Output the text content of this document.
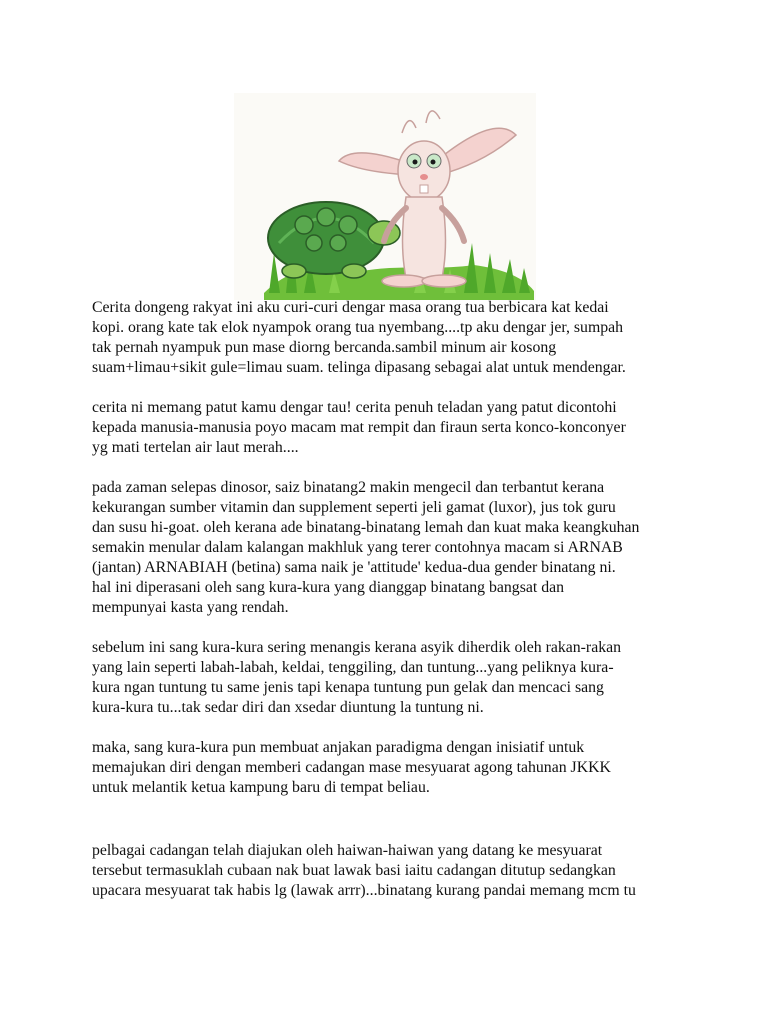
Cerita dongeng rakyat ini aku curi-curi dengar masa orang tua berbicara kat kedai

kopi. orang kate tak elok nyampok orang tua nyembang....tp aku dengar jer, sumpah

tak pernah nyampuk pun mase diorng bercanda.sambil minum air kosong

suam+limau+sikit gule=limau suam. telinga dipasang sebagai alat untuk mendengar.

cerita ni memang patut kamu dengar tau! cerita penuh teladan yang patut dicontohi

kepada manusia-manusia poyo macam mat rempit dan firaun serta konco-konconyer

yg mati tertelan air laut merah....

pada zaman selepas dinosor, saiz binatang2 makin mengecil dan terbantut kerana

kekurangan sumber vitamin dan supplement seperti jeli gamat (luxor), jus tok guru

dan susu hi-goat. oleh kerana ade binatang-binatang lemah dan kuat maka keangkuhan

semakin menular dalam kalangan makhluk yang terer contohnya macam si ARNAB

(jantan) ARNABIAH (betina) sama naik je 'attitude' kedua-dua gender binatang ni.

hal ini diperasani oleh sang kura-kura yang dianggap binatang bangsat dan

mempunyai kasta yang rendah.

sebelum ini sang kura-kura sering menangis kerana asyik diherdik oleh rakan-rakan

yang lain seperti labah-labah, keldai, tenggiling, dan tuntung...yang peliknya kura-

kura ngan tuntung tu same jenis tapi kenapa tuntung pun gelak dan mencaci sang

kura-kura tu...tak sedar diri dan xsedar diuntung la tuntung ni.

maka, sang kura-kura pun membuat anjakan paradigma dengan inisiatif untuk

memajukan diri dengan memberi cadangan mase mesyuarat agong tahunan JKKK

untuk melantik ketua kampung baru di tempat beliau.

pelbagai cadangan telah diajukan oleh haiwan-haiwan yang datang ke mesyuarat

tersebut termasuklah cubaan nak buat lawak basi iaitu cadangan ditutup sedangkan

upacara mesyuarat tak habis lg (lawak arrr)...binatang kurang pandai memang mcm tu
